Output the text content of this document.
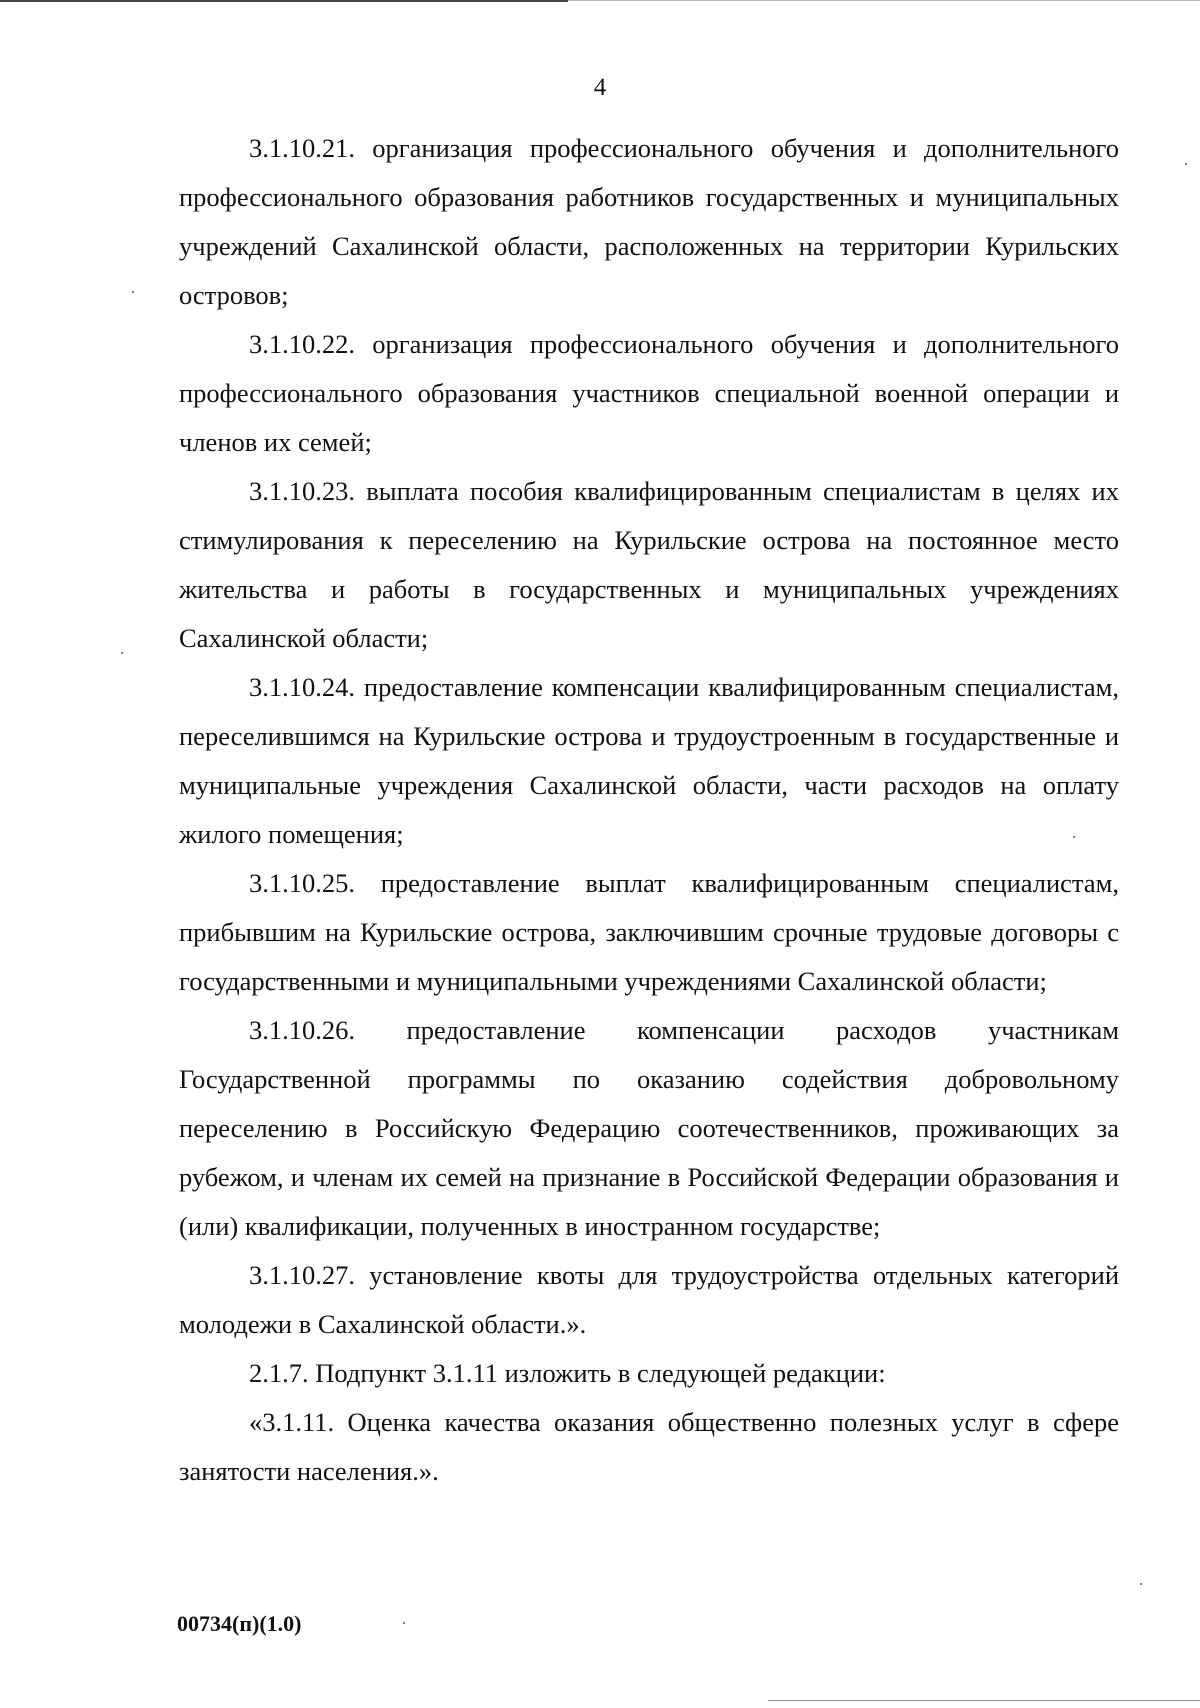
4

3.1.10.21. организация профессионального обучения и дополнительного профессионального образования работников государственных и муниципальных учреждений Сахалинской области, расположенных на территории Курильских островов;

3.1.10.22. организация профессионального обучения и дополнительного профессионального образования участников специальной военной операции и членов их семей;

3.1.10.23. выплата пособия квалифицированным специалистам в целях их стимулирования к переселению на Курильские острова на постоянное место жительства и работы в государственных и муниципальных учреждениях Сахалинской области;

3.1.10.24. предоставление компенсации квалифицированным специалистам, переселившимся на Курильские острова и трудоустроенным в государственные и муниципальные учреждения Сахалинской области, части расходов на оплату жилого помещения;

3.1.10.25. предоставление выплат квалифицированным специалистам, прибывшим на Курильские острова, заключившим срочные трудовые договоры с государственными и муниципальными учреждениями Сахалинской области;

3.1.10.26. предоставление компенсации расходов участникам Государственной программы по оказанию содействия добровольному переселению в Российскую Федерацию соотечественников, проживающих за рубежом, и членам их семей на признание в Российской Федерации образования и (или) квалификации, полученных в иностранном государстве;

3.1.10.27. установление квоты для трудоустройства отдельных категорий молодежи в Сахалинской области.».

2.1.7. Подпункт 3.1.11 изложить в следующей редакции:

«3.1.11. Оценка качества оказания общественно полезных услуг в сфере занятости населения.».

00734(п)(1.0)
